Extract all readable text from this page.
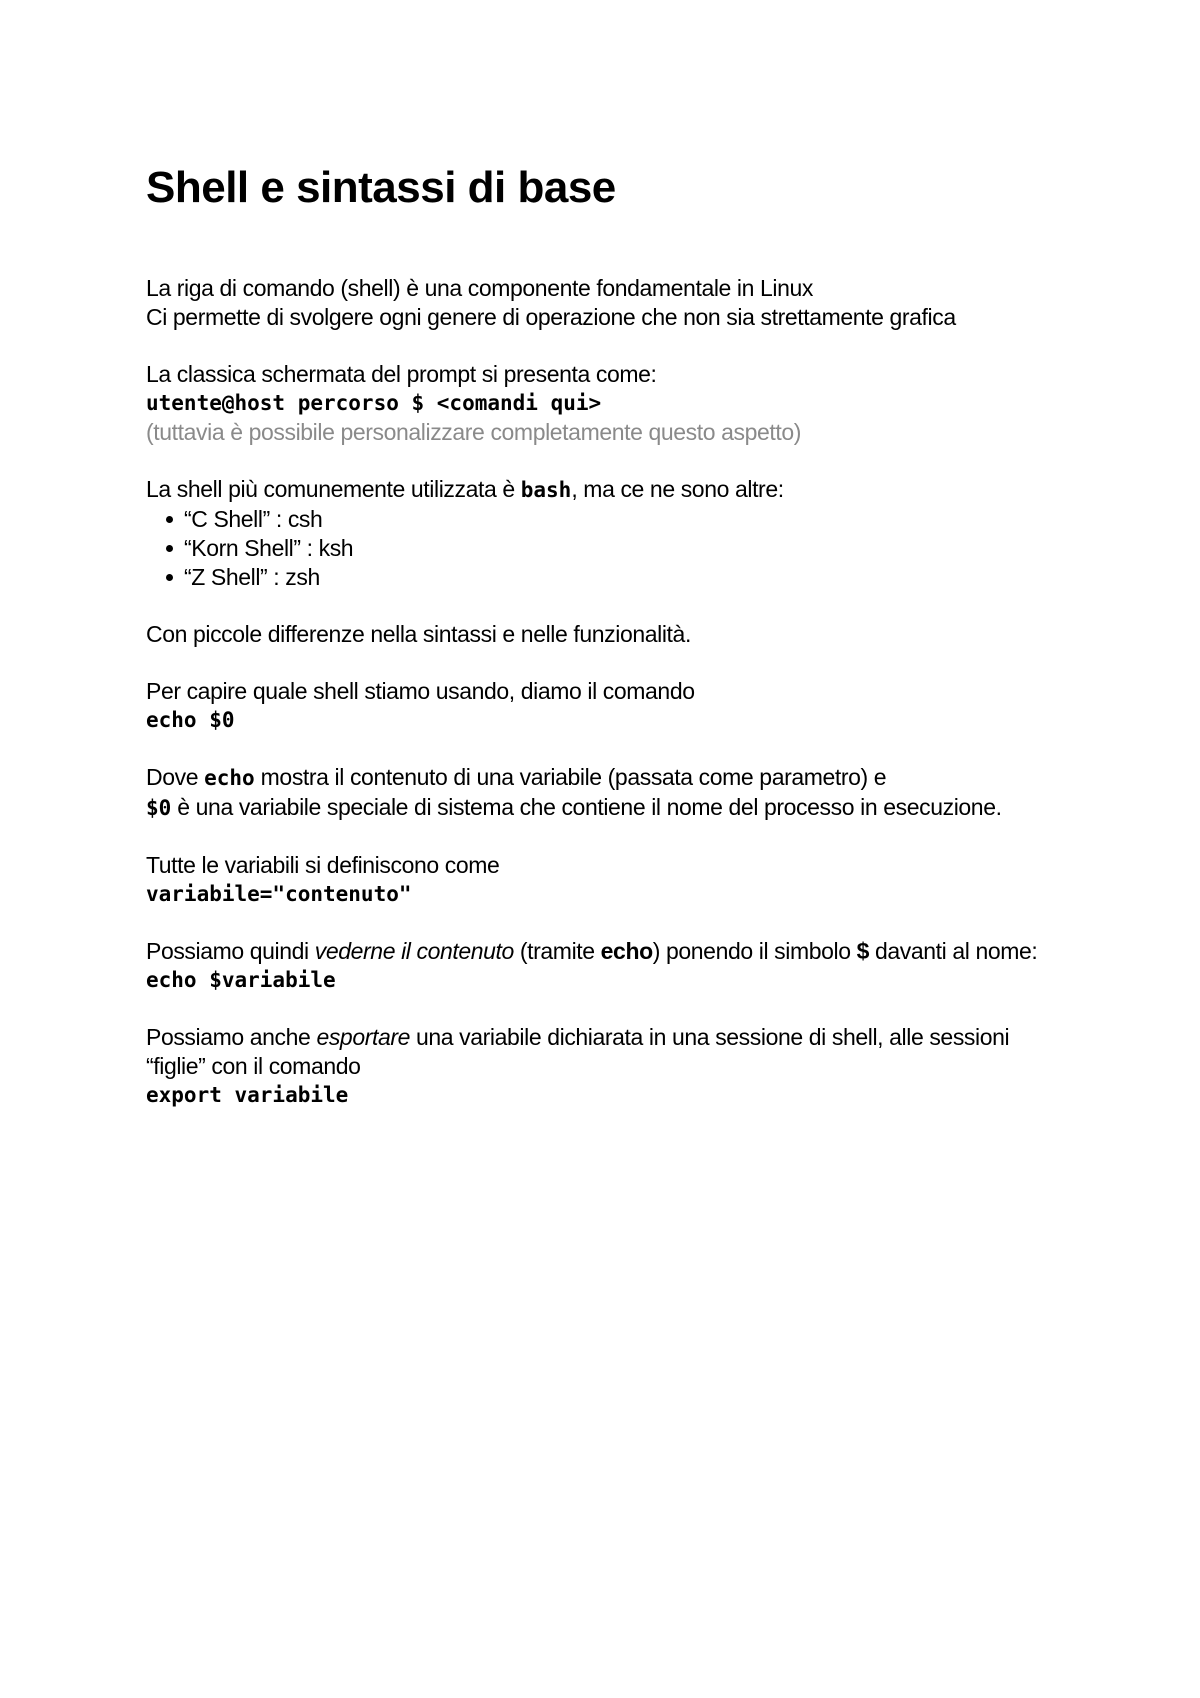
Shell e sintassi di base

La riga di comando (shell) è una componente fondamentale in Linux

Ci permette di svolgere ogni genere di operazione che non sia strettamente grafica

La classica schermata del prompt si presenta come:

utente@host percorso $ <comandi qui>

(tuttavia è possibile personalizzare completamente questo aspetto)

La shell più comunemente utilizzata è bash, ma ce ne sono altre:

“C Shell” : csh
“Korn Shell” : ksh
“Z Shell” : zsh

Con piccole differenze nella sintassi e nelle funzionalità.

Per capire quale shell stiamo usando, diamo il comando

echo $0

Dove echo mostra il contenuto di una variabile (passata come parametro) e
$0 è una variabile speciale di sistema che contiene il nome del processo in esecuzione.

Tutte le variabili si definiscono come

variabile="contenuto"

Possiamo quindi vederne il contenuto (tramite echo) ponendo il simbolo $ davanti al nome:

echo $variabile

Possiamo anche esportare una variabile dichiarata in una sessione di shell, alle sessioni “figlie” con il comando

export variabile
